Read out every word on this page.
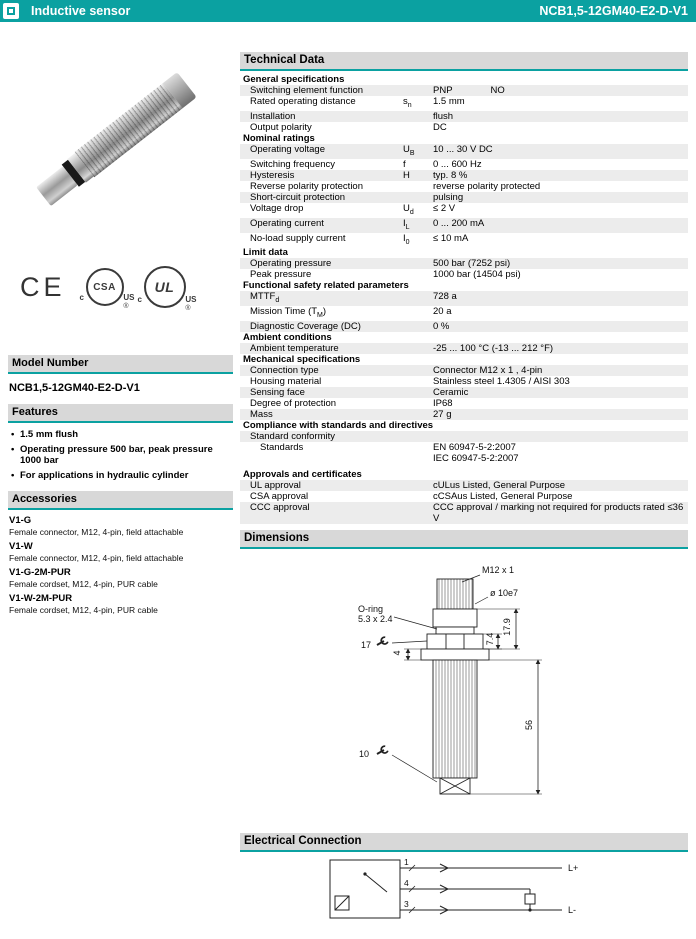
Inductive sensor	NCB1,5-12GM40-E2-D-V1
CE	CSA
c	US
®
UL
c	US
®
Model Number
NCB1,5-12GM40-E2-D-V1
Features
• 1.5 mm flush
• Operating pressure 500 bar, peak pressure 1000 bar
• For applications in hydraulic cylinder
Accessories
V1-G
Female connector, M12, 4-pin, field attachable
V1-W
Female connector, M12, 4-pin, field attachable
V1-G-2M-PUR
Female cordset, M12, 4-pin, PUR cable
V1-W-2M-PUR
Female cordset, M12, 4-pin, PUR cable
Technical Data
General specifications
Switching element function	PNP	NO
Rated operating distance	$s_n$	1.5 mm
Installation	flush
Output polarity	DC
Nominal ratings
Operating voltage	$U_B$	10 ... 30 V DC
Switching frequency	f	0 ... 600 Hz
Hysteresis	H	typ. 8 %
Reverse polarity protection	reverse polarity protected
Short-circuit protection	pulsing
Voltage drop	$U_d$	≤ 2 V
Operating current	$I_L$	0 ... 200 mA
No-load supply current	$I_0$	≤ 10 mA
Limit data
Operating pressure	500 bar (7252 psi)
Peak pressure	1000 bar (14504 psi)
Functional safety related parameters
$MTTF_d$	728 a
Mission Time $(T_M)$	20 a
Diagnostic Coverage (DC)	0 %
Ambient conditions
Ambient temperature	-25 ... 100 °C (-13 ... 212 °F)
Mechanical specifications
Connection type	Connector M12 x 1 , 4-pin
Housing material	Stainless steel 1.4305 / AISI 303
Sensing face	Ceramic
Degree of protection	IP68
Mass	27 g
Compliance with standards and directives
Standard conformity
Standards	EN 60947-5-2:2007
IEC 60947-5-2:2007
Approvals and certificates
UL approval	cULus Listed, General Purpose
CSA approval	cCSAus Listed, General Purpose
CCC approval	CCC approval / marking not required for products rated ≤36 V
Dimensions
M12 x 1
ø 10e7
O-ring
5.3 x 2.4
17
10
7.4
17.9
4
56
Electrical Connection
1
4
3
L+
L-
